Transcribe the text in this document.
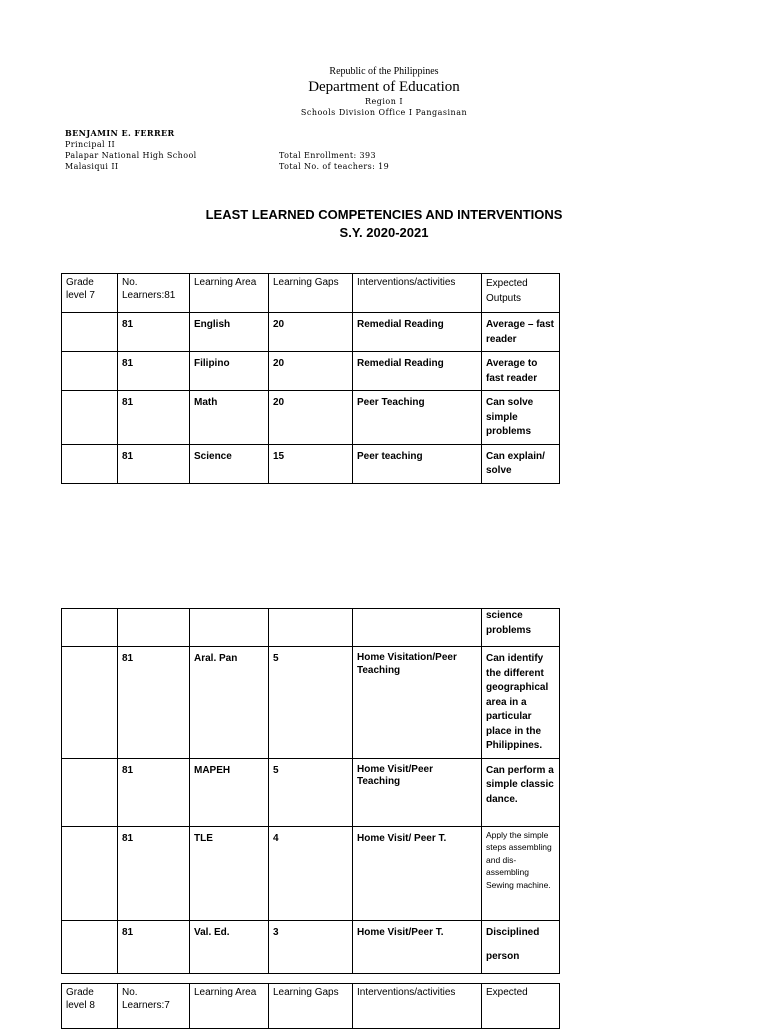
Republic of the Philippines
Department of Education
Region I
Schools Division Office I Pangasinan
BENJAMIN E. FERRER
Principal II
Palapar National High School
Malasiqui II
Total Enrollment: 393
Total No. of teachers: 19
LEAST LEARNED COMPETENCIES AND INTERVENTIONS
S.Y. 2020-2021
Grade level 7	No. Learners:81	Learning Area	Learning Gaps	Interventions/activities	Expected Outputs
	81	English	20	Remedial Reading	Average – fast reader
	81	Filipino	20	Remedial Reading	Average to fast reader
	81	Math	20	Peer Teaching	Can solve simple problems
	81	Science	15	Peer teaching	Can explain/ solve
					science problems
	81	Aral. Pan	5	Home Visitation/Peer Teaching	Can identify the different geographical area in a particular place in the Philippines.
	81	MAPEH	5	Home Visit/Peer Teaching	Can perform a simple classic dance.
	81	TLE	4	Home Visit/ Peer T.	Apply the simple steps assembling and dis-assembling Sewing machine.
	81	Val. Ed.	3	Home Visit/Peer T.	Disciplined person
Grade level 8	No. Learners:7	Learning Area	Learning Gaps	Interventions/activities	Expected
